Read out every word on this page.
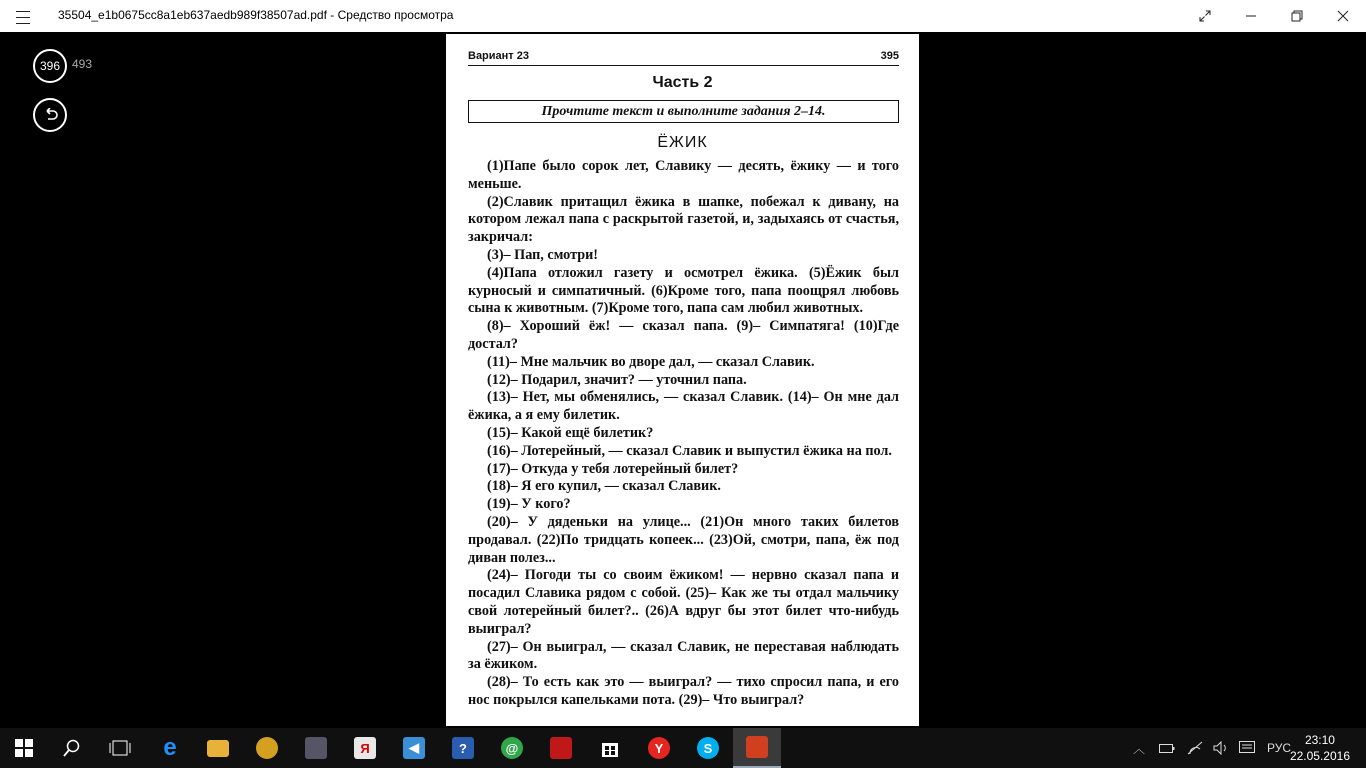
35504_e1b0675cc8a1eb637aedb989f38507ad.pdf - Средство просмотра
396 493
Вариант 23	395
Часть 2
Прочтите текст и выполните задания 2–14.
ЁЖИК

(1)Папе было сорок лет, Славику — десять, ёжику — и того меньше.

(2)Славик притащил ёжика в шапке, побежал к дивану, на котором лежал папа с раскрытой газетой, и, задыхаясь от счастья, закричал:

(3)– Пап, смотри!

(4)Папа отложил газету и осмотрел ёжика. (5)Ёжик был курносый и симпатичный. (6)Кроме того, папа поощрял любовь сына к животным. (7)Кроме того, папа сам любил животных.

(8)– Хороший ёж! — сказал папа. (9)– Симпатяга! (10)Где достал?

(11)– Мне мальчик во дворе дал, — сказал Славик.

(12)– Подарил, значит? — уточнил папа.

(13)– Нет, мы обменялись, — сказал Славик. (14)– Он мне дал ёжика, а я ему билетик.

(15)– Какой ещё билетик?

(16)– Лотерейный, — сказал Славик и выпустил ёжика на пол.

(17)– Откуда у тебя лотерейный билет?

(18)– Я его купил, — сказал Славик.

(19)– У кого?

(20)– У дяденьки на улице... (21)Он много таких билетов продавал. (22)По тридцать копеек... (23)Ой, смотри, папа, ёж под диван полез...

(24)– Погоди ты со своим ёжиком! — нервно сказал папа и посадил Славика рядом с собой. (25)– Как же ты отдал мальчику свой лотерейный билет?.. (26)А вдруг бы этот билет что-нибудь выиграл?

(27)– Он выиграл, — сказал Славик, не переставая наблюдать за ёжиком.

(28)– То есть как это — выиграл? — тихо спросил папа, и его нос покрылся капельками пота. (29)– Что выиграл?

e	Я	◀	?	@	Y	S	︿	РУС
23:10
22.05.2016
